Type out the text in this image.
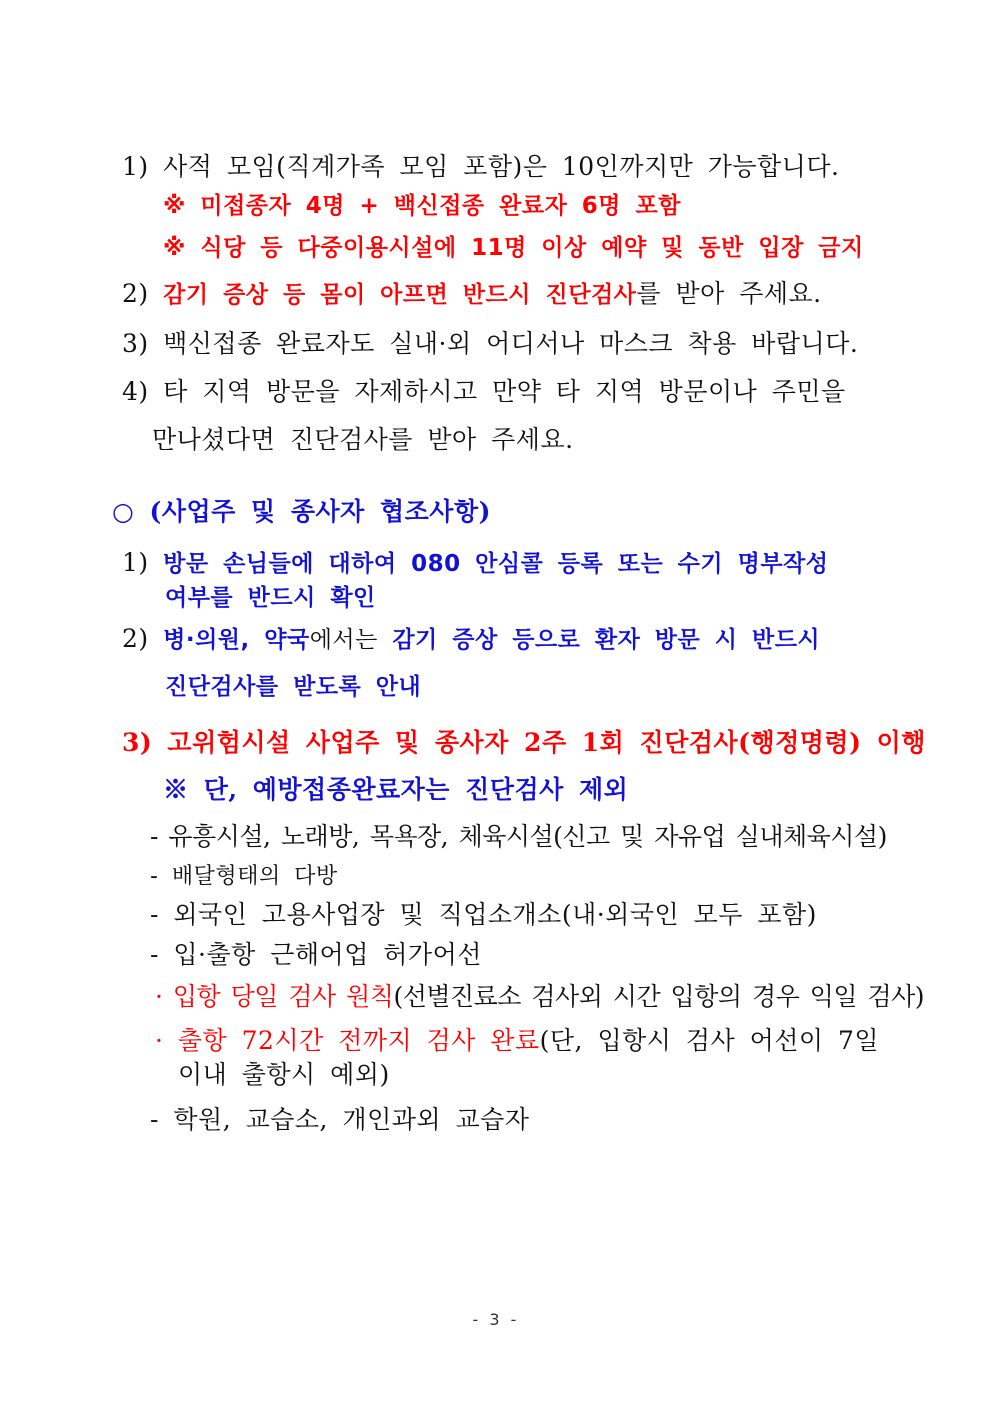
1) 사적 모임(직계가족 모임 포함)은 10인까지만 가능합니다.
※ 미접종자 4명 + 백신접종 완료자 6명 포함
※ 식당 등 다중이용시설에 11명 이상 예약 및 동반 입장 금지
2) 감기 증상 등 몸이 아프면 반드시 진단검사를 받아 주세요.
3) 백신접종 완료자도 실내·외 어디서나 마스크 착용 바랍니다.
4) 타 지역 방문을 자제하시고 만약 타 지역 방문이나 주민을
만나셨다면 진단검사를 받아 주세요.
○ (사업주 및 종사자 협조사항)
1) 방문 손님들에 대하여 080 안심콜 등록 또는 수기 명부작성
여부를 반드시 확인
2) 병·의원, 약국에서는 감기 증상 등으로 환자 방문 시 반드시
진단검사를 받도록 안내
3) 고위험시설 사업주 및 종사자 2주 1회 진단검사(행정명령) 이행
※ 단, 예방접종완료자는 진단검사 제외
- 유흥시설, 노래방, 목욕장, 체육시설(신고 및 자유업 실내체육시설)
- 배달형태의 다방
- 외국인 고용사업장 및 직업소개소(내·외국인 모두 포함)
- 입·출항 근해어업 허가어선
· 입항 당일 검사 원칙(선별진료소 검사외 시간 입항의 경우 익일 검사)
· 출항 72시간 전까지 검사 완료(단, 입항시 검사 어선이 7일
이내 출항시 예외)
- 학원, 교습소, 개인과외 교습자
- 3 -
